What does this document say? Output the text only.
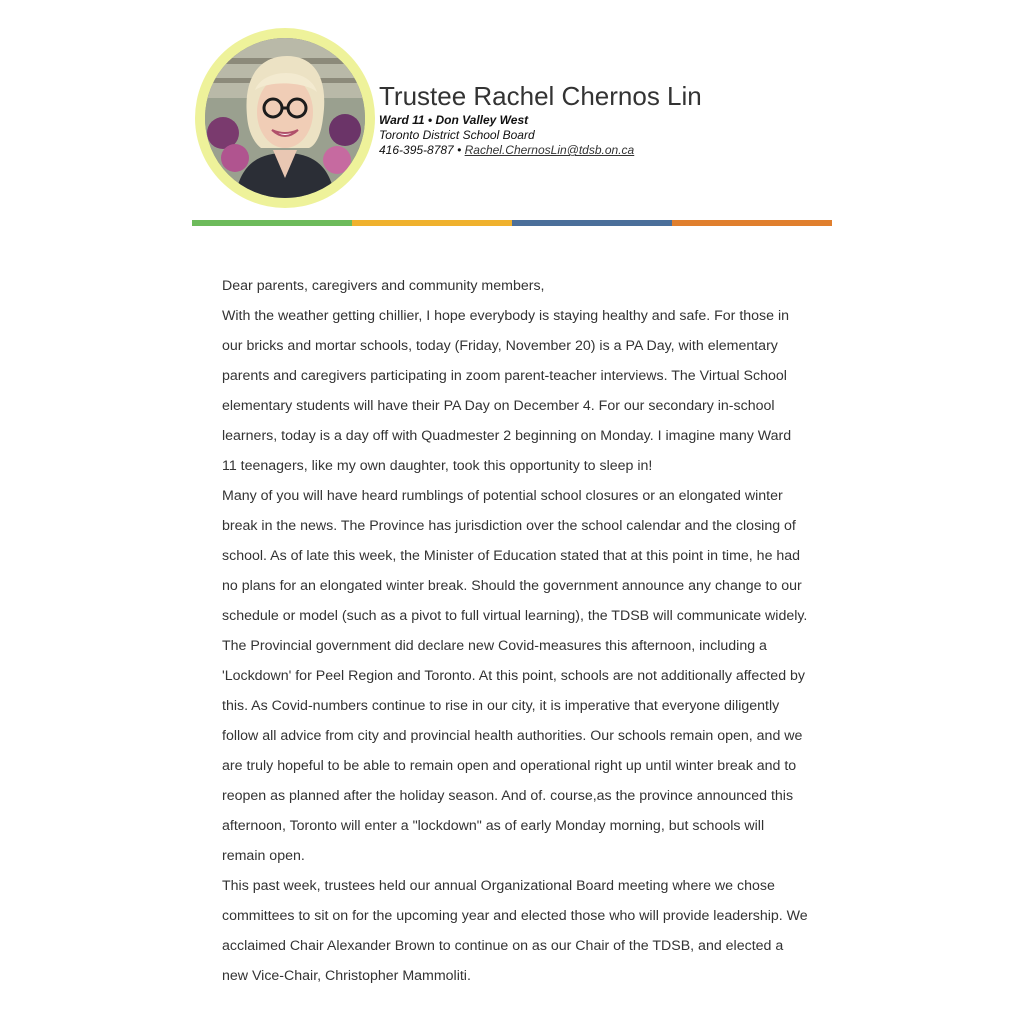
Trustee Rachel Chernos Lin
Ward 11 • Don Valley West
Toronto District School Board
416-395-8787 • Rachel.ChernosLin@tdsb.on.ca

Dear parents, caregivers and community members,

With the weather getting chillier, I hope everybody is staying healthy and safe. For those in our bricks and mortar schools, today (Friday, November 20) is a PA Day, with elementary parents and caregivers participating in zoom parent-teacher interviews. The Virtual School elementary students will have their PA Day on December 4. For our secondary in-school learners, today is a day off with Quadmester 2 beginning on Monday. I imagine many Ward 11 teenagers, like my own daughter, took this opportunity to sleep in!

Many of you will have heard rumblings of potential school closures or an elongated winter break in the news. The Province has jurisdiction over the school calendar and the closing of school. As of late this week, the Minister of Education stated that at this point in time, he had no plans for an elongated winter break. Should the government announce any change to our schedule or model (such as a pivot to full virtual learning), the TDSB will communicate widely.

The Provincial government did declare new Covid-measures this afternoon, including a 'Lockdown' for Peel Region and Toronto. At this point, schools are not additionally affected by this. As Covid-numbers continue to rise in our city, it is imperative that everyone diligently follow all advice from city and provincial health authorities. Our schools remain open, and we are truly hopeful to be able to remain open and operational right up until winter break and to reopen as planned after the holiday season. And of. course,as the province announced this afternoon, Toronto will enter a "lockdown" as of early Monday morning, but schools will remain open.

This past week, trustees held our annual Organizational Board meeting where we chose committees to sit on for the upcoming year and elected those who will provide leadership. We acclaimed Chair Alexander Brown to continue on as our Chair of the TDSB, and elected a new Vice-Chair, Christopher Mammoliti.
